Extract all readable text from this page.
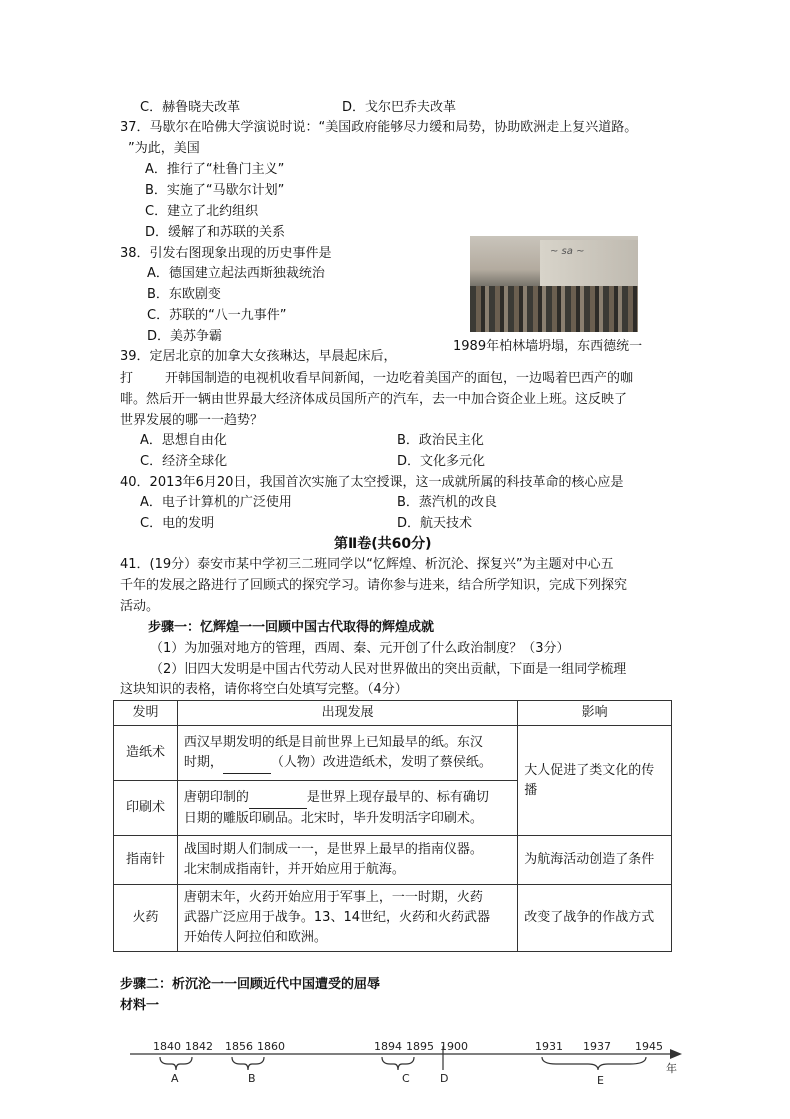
C．赫鲁晓夫改革	D．戈尔巴乔夫改革
37．马歇尔在哈佛大学演说时说：“美国政府能够尽力缓和局势，协助欧洲走上复兴道路。
”为此，美国
A．推行了“杜鲁门主义”
B．实施了“马歇尔计划”
C．建立了北约组织
D．缓解了和苏联的关系
38．引发右图现象出现的历史事件是
A．德国建立起法西斯独裁统治
B．东欧剧变
C．苏联的“八一九事件”
D．美苏争霸
~ sa ~
1989年柏林墙坍塌，东西德统一
39．定居北京的加拿大女孩琳达，早晨起床后，
打 开韩国制造的电视机收看早间新闻，一边吃着美国产的面包，一边喝着巴西产的咖
啡。然后开一辆由世界最大经济体成员国所产的汽车，去一中加合资企业上班。这反映了
世界发展的哪一一趋势？
A．思想自由化	B．政治民主化
C．经济全球化	D．文化多元化
40．2013年6月20日，我国首次实施了太空授课，这一成就所属的科技革命的核心应是
A．电子计算机的广泛使用	B．蒸汽机的改良
C．电的发明	D．航天技术
第Ⅱ卷(共60分)
41．(19分）泰安市某中学初三二班同学以“忆辉煌、析沉沦、探复兴”为主题对中心五
千年的发展之路进行了回顾式的探究学习。请你参与进来，结合所学知识，完成下列探究
活动。
步骤一：忆辉煌一一回顾中国古代取得的辉煌成就
（1）为加强对地方的管理，西周、秦、元开创了什么政治制度？（3分）
（2）旧四大发明是中国古代劳动人民对世界做出的突出贡献，下面是一组同学梳理
这块知识的表格，请你将空白处填写完整。（4分）
发明	出现发展	影响
造纸术	西汉早期发明的纸是目前世界上已知最早的纸。东汉
时期， （人物）改进造纸术，发明了蔡侯纸。	大人促进了类文化的传播
印刷术	唐朝印制的 是世界上现存最早的、标有确切
日期的雕版印刷品。北宋时，毕升发明活字印刷术。	

指南针	战国时期人们制成一一，是世界上最早的指南仪器。
北宋制成指南针，并开始应用于航海。	为航海活动创造了条件
火药	唐朝末年，火药开始应用于军事上，一一时期，火药
武器广泛应用于战争。13、14世纪，火药和火药武器
开始传人阿拉伯和欧洲。	改变了战争的作战方式
步骤二：析沉沦一一回顾近代中国遭受的屈辱
材料一
1840 1842 1856 1860	1894 1895 1900	1931 1937 1945
A	B	C	D	E
年
